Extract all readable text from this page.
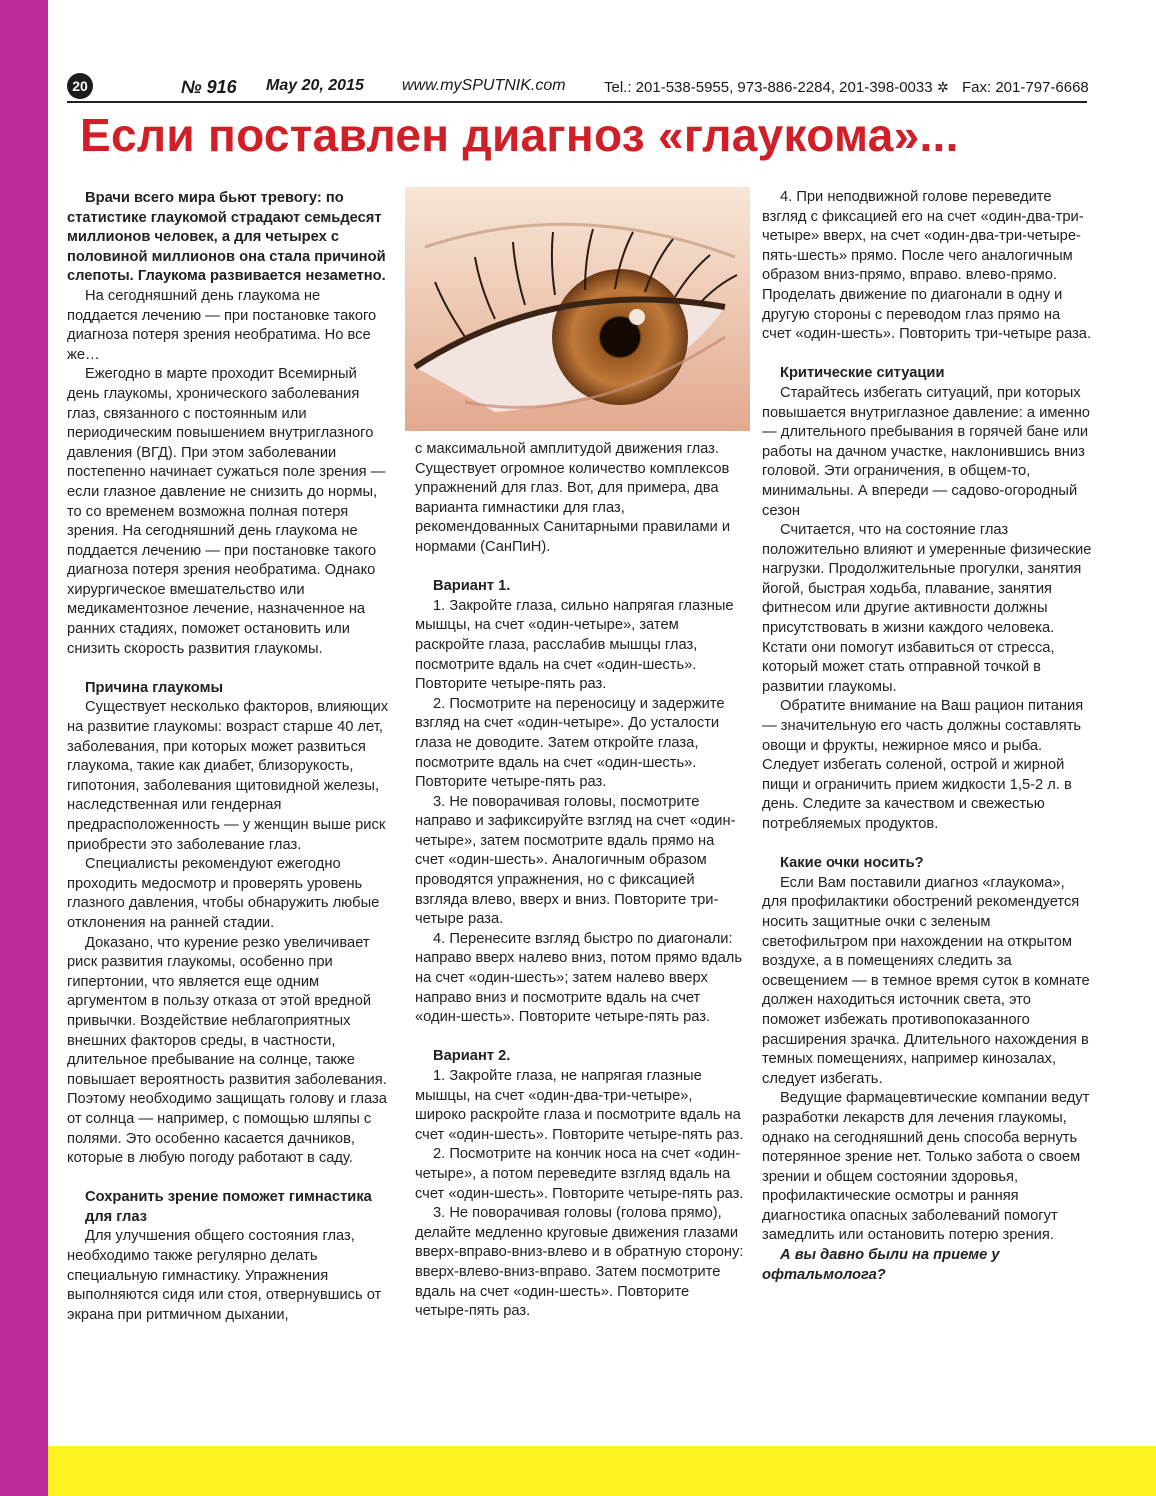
20	№ 916 May 20, 2015 www.mySPUTNIK.com	Tel.: 201-538-5955, 973-886-2284, 201-398-0033 ✲ Fax: 201-797-6668
Если поставлен диагноз «глаукома»...

Врачи всего мира бьют тревогу: по статистике глаукомой страдают семьдесят миллионов человек, а для четырех с половиной миллионов она стала причиной слепоты. Глаукома развивается незаметно.

На сегодняшний день глаукома не поддается лечению — при постановке такого диагноза потеря зрения необратима. Но все же…

Ежегодно в марте проходит Всемирный день глаукомы, хронического заболевания глаз, связанного с постоянным или периодическим повышением внутриглазного давления (ВГД). При этом заболевании постепенно начинает сужаться поле зрения — если глазное давление не снизить до нормы, то со временем возможна полная потеря зрения. На сегодняшний день глаукома не поддается лечению — при постановке такого диагноза потеря зрения необратима. Однако хирургическое вмешательство или медикаментозное лечение, назначенное на ранних стадиях, поможет остановить или снизить скорость развития глаукомы.

Причина глаукомы

Существует несколько факторов, влияющих на развитие глаукомы: возраст старше 40 лет, заболевания, при которых может развиться глаукома, такие как диабет, близорукость, гипотония, заболевания щитовидной железы, наследственная или гендерная предрасположенность — у женщин выше риск приобрести это заболевание глаз.

Специалисты рекомендуют ежегодно проходить медосмотр и проверять уровень глазного давления, чтобы обнаружить любые отклонения на ранней стадии.

Доказано, что курение резко увеличивает риск развития глаукомы, особенно при гипертонии, что является еще одним аргументом в пользу отказа от этой вредной привычки. Воздействие неблагоприятных внешних факторов среды, в частности, длительное пребывание на солнце, также повышает вероятность развития заболевания. Поэтому необходимо защищать голову и глаза от солнца — например, с помощью шляпы с полями. Это особенно касается дачников, которые в любую погоду работают в саду.

Сохранить зрение поможет гимнастика для глаз

Для улучшения общего состояния глаз, необходимо также регулярно делать специальную гимнастику. Упражнения выполняются сидя или стоя, отвернувшись от экрана при ритмичном дыхании,

с максимальной амплитудой движения глаз. Существует огромное количество комплексов упражнений для глаз. Вот, для примера, два варианта гимнастики для глаз, рекомендованных Санитарными правилами и нормами (СанПиН).

Вариант 1.

1. Закройте глаза, сильно напрягая глазные мышцы, на счет «один-четыре», затем раскройте глаза, расслабив мышцы глаз, посмотрите вдаль на счет «один-шесть». Повторите четыре-пять раз.

2. Посмотрите на переносицу и задержите взгляд на счет «один-четыре». До усталости глаза не доводите. Затем откройте глаза, посмотрите вдаль на счет «один-шесть». Повторите четыре-пять раз.

3. Не поворачивая головы, посмотрите направо и зафиксируйте взгляд на счет «один-четыре», затем посмотрите вдаль прямо на счет «один-шесть». Аналогичным образом проводятся упражнения, но с фиксацией взгляда влево, вверх и вниз. Повторите три-четыре раза.

4. Перенесите взгляд быстро по диагонали: направо вверх налево вниз, потом прямо вдаль на счет «один-шесть»; затем налево вверх направо вниз и посмотрите вдаль на счет «один-шесть». Повторите четыре-пять раз.

Вариант 2.

1. Закройте глаза, не напрягая глазные мышцы, на счет «один-два-три-четыре», широко раскройте глаза и посмотрите вдаль на счет «один-шесть». Повторите четыре-пять раз.

2. Посмотрите на кончик носа на счет «один-четыре», а потом переведите взгляд вдаль на счет «один-шесть». Повторите четыре-пять раз.

3. Не поворачивая головы (голова прямо), делайте медленно круговые движения глазами вверх-вправо-вниз-влево и в обратную сторону: вверх-влево-вниз-вправо. Затем посмотрите вдаль на счет «один-шесть». Повторите четыре-пять раз.

4. При неподвижной голове переведите взгляд с фиксацией его на счет «один-два-три-четыре» вверх, на счет «один-два-три-четыре-пять-шесть» прямо. После чего аналогичным образом вниз-прямо, вправо. влево-прямо. Проделать движение по диагонали в одну и другую стороны с переводом глаз прямо на счет «один-шесть». Повторить три-четыре раза.

Критические ситуации

Старайтесь избегать ситуаций, при которых повышается внутриглазное давление: а именно — длительного пребывания в горячей бане или работы на дачном участке, наклонившись вниз головой. Эти ограничения, в общем-то, минимальны. А впереди — садово-огородный сезон

Считается, что на состояние глаз положительно влияют и умеренные физические нагрузки. Продолжительные прогулки, занятия йогой, быстрая ходьба, плавание, занятия фитнесом или другие активности должны присутствовать в жизни каждого человека. Кстати они помогут избавиться от стресса, который может стать отправной точкой в развитии глаукомы.

Обратите внимание на Ваш рацион питания — значительную его часть должны составлять овощи и фрукты, нежирное мясо и рыба. Следует избегать соленой, острой и жирной пищи и ограничить прием жидкости 1,5-2 л. в день. Следите за качеством и свежестью потребляемых продуктов.

Какие очки носить?

Если Вам поставили диагноз «глаукома», для профилактики обострений рекомендуется носить защитные очки с зеленым светофильтром при нахождении на открытом воздухе, а в помещениях следить за освещением — в темное время суток в комнате должен находиться источник света, это поможет избежать противопоказанного расширения зрачка. Длительного нахождения в темных помещениях, например кинозалах, следует избегать.

Ведущие фармацевтические компании ведут разработки лекарств для лечения глаукомы, однако на сегодняшний день способа вернуть потерянное зрение нет. Только забота о своем зрении и общем состоянии здоровья, профилактические осмотры и ранняя диагностика опасных заболеваний помогут замедлить или остановить потерю зрения.

А вы давно были на приеме у офтальмолога?
